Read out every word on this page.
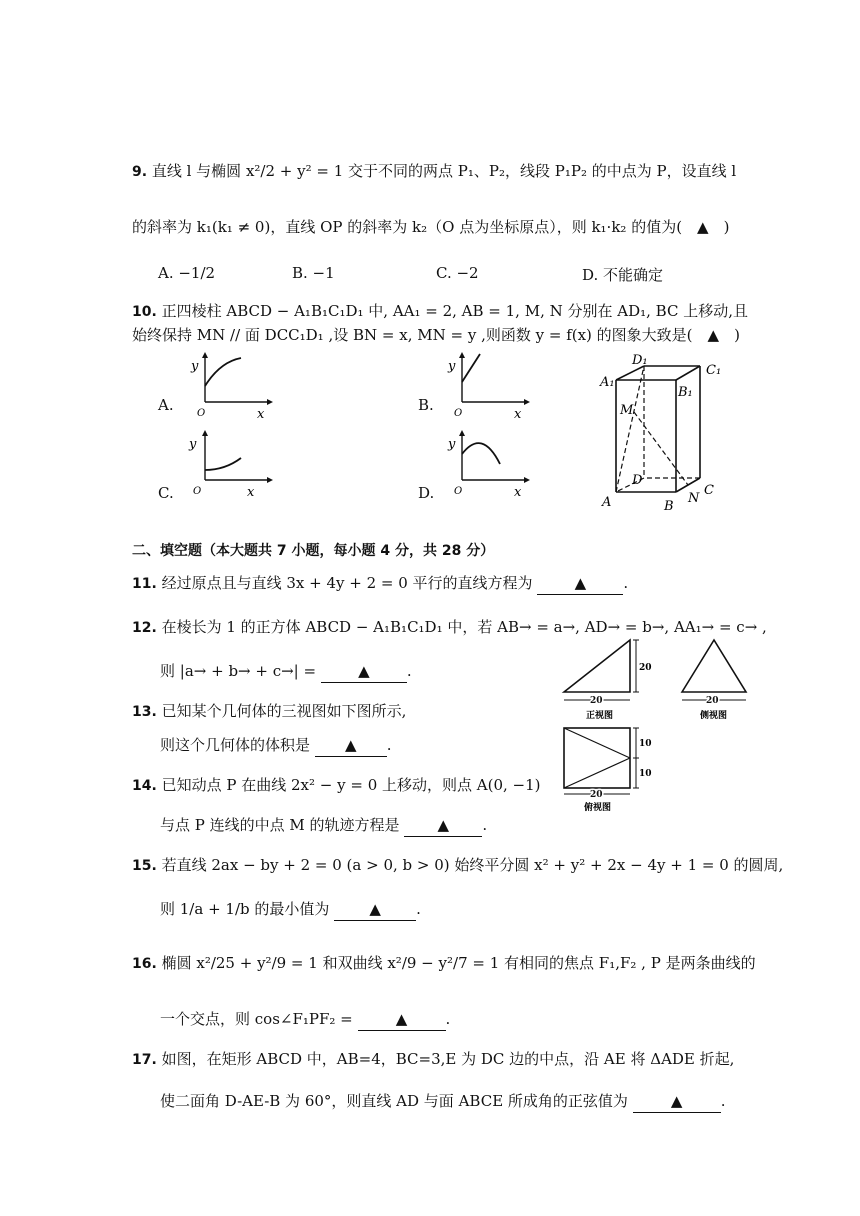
9. 直线 l 与椭圆 x²/2 + y² = 1 交于不同的两点 P₁、P₂，线段 P₁P₂ 的中点为 P，设直线 l
的斜率为 k₁(k₁ ≠ 0)，直线 OP 的斜率为 k₂（O 点为坐标原点），则 k₁·k₂ 的值为(　▲　)
A. −1/2	B. −1	C. −2	D. 不能确定
10. 正四棱柱 ABCD − A₁B₁C₁D₁ 中, AA₁ = 2, AB = 1, M, N 分别在 AD₁, BC 上移动,且
始终保持 MN // 面 DCC₁D₁ ,设 BN = x, MN = y ,则函数 y = f(x) 的图象大致是(　▲　)
A.	B.
C.	D.
y
x
O
y
x
O
y
x
O
y
x
O
D₁
C₁
A₁
B₁
M
D
C
A	B
N
二、填空题（本大题共 7 小题，每小题 4 分，共 28 分）
11. 经过原点且与直线 3x + 4y + 2 = 0 平行的直线方程为	▲ .
12. 在棱长为 1 的正方体 ABCD − A₁B₁C₁D₁ 中，若 AB→ = a→, AD→ = b→, AA₁→ = c→ ,
则 |a→ + b→ + c→| =	▲ .
13. 已知某个几何体的三视图如下图所示,
则这个几何体的体积是 ▲ .
20
20
正视图
20
侧视图
10
10
20
俯视图
14. 已知动点 P 在曲线 2x² − y = 0 上移动，则点 A(0, −1)
与点 P 连线的中点 M 的轨迹方程是	▲ .
15. 若直线 2ax − by + 2 = 0 (a > 0, b > 0) 始终平分圆 x² + y² + 2x − 4y + 1 = 0 的圆周,
则 1/a + 1/b 的最小值为	▲ .
16. 椭圆 x²/25 + y²/9 = 1 和双曲线 x²/9 − y²/7 = 1 有相同的焦点 F₁,F₂ , P 是两条曲线的
一个交点，则 cos∠F₁PF₂ =	▲	.
17. 如图，在矩形 ABCD 中，AB=4，BC=3,E 为 DC 边的中点，沿 AE 将 ΔADE 折起,
使二面角 D-AE-B 为 60°，则直线 AD 与面 ABCE 所成角的正弦值为	▲	.
